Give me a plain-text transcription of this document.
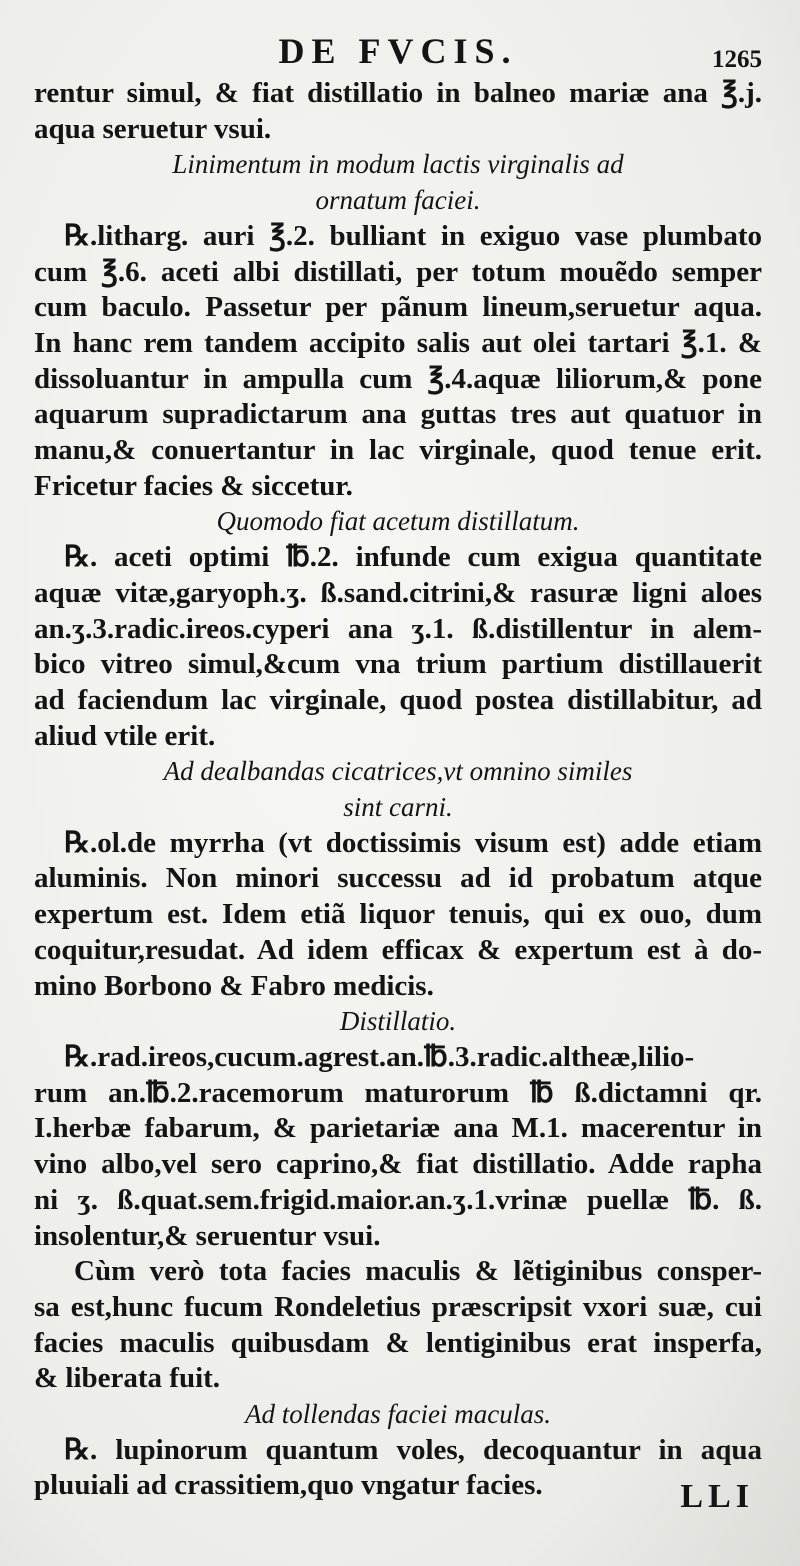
DE FVCIS.	1265
rentur simul, & fiat distillatio in balneo mariæ ana ℥.j.
aqua seruetur vsui.
Linimentum in modum lactis virginalis ad
ornatum faciei.
℞.litharg. auri ℥.2. bulliant in exiguo vase plumbato
cum ℥.6. aceti albi distillati, per totum mouẽdo semper
cum baculo. Passetur per pãnum lineum,seruetur aqua.
In hanc rem tandem accipito salis aut olei tartari ℥.1. &
dissoluantur in ampulla cum ℥.4.aquæ liliorum,& pone
aquarum supradictarum ana guttas tres aut quatuor in
manu,& conuertantur in lac virginale, quod tenue erit.
Fricetur facies & siccetur.
Quomodo fiat acetum distillatum.
℞. aceti optimi ℔.2. infunde cum exigua quantitate
aquæ vitæ,garyoph.ʒ. ß.sand.citrini,& rasuræ ligni aloes
an.ʒ.3.radic.ireos.cyperi ana ʒ.1. ß.distillentur in alem-
bico vitreo simul,&cum vna trium partium distillauerit
ad faciendum lac virginale, quod postea distillabitur, ad
aliud vtile erit.
Ad dealbandas cicatrices,vt omnino similes
sint carni.
℞.ol.de myrrha (vt doctissimis visum est) adde etiam
aluminis. Non minori successu ad id probatum atque
expertum est. Idem etiã liquor tenuis, qui ex ouo, dum
coquitur,resudat. Ad idem efficax & expertum est à do-
mino Borbono & Fabro medicis.
Distillatio.
℞.rad.ireos,cucum.agrest.an.℔.3.radic.altheæ,lilio-
rum an.℔.2.racemorum maturorum ℔ ß.dictamni qr.
I.herbæ fabarum, & parietariæ ana M.1. macerentur in
vino albo,vel sero caprino,& fiat distillatio. Adde rapha
ni ʒ. ß.quat.sem.frigid.maior.an.ʒ.1.vrinæ puellæ ℔. ß.
insolentur,& seruentur vsui.
Cùm verò tota facies maculis & lẽtiginibus consper-
sa est,hunc fucum Rondeletius præscripsit vxori suæ, cui
facies maculis quibusdam & lentiginibus erat insperfa,
& liberata fuit.
Ad tollendas faciei maculas.
℞. lupinorum quantum voles, decoquantur in aqua
pluuiali ad crassitiem,quo vngatur facies.	LLI
